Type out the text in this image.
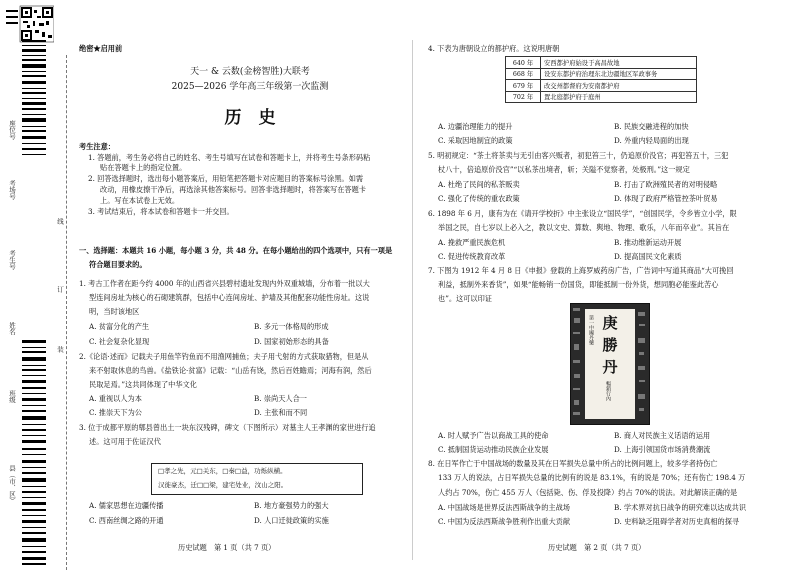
座位号
考场号
考生号
姓名
班级
县（市、区）
线
订
装
绝密★启用前
天一 & 云数(金榜智胜)大联考
2025—2026 学年高三年级第一次监测
历　史
考生注意：
1. 答题前，考生务必将自己的姓名、考生号填写在试卷和答题卡上，并将考生号条形码粘
贴在答题卡上的指定位置。
2. 回答选择题时，选出每小题答案后，用铅笔把答题卡对应题目的答案标号涂黑。如需
改动，用橡皮擦干净后，再选涂其他答案标号。回答非选择题时，将答案写在答题卡
上。写在本试卷上无效。
3. 考试结束后，将本试卷和答题卡一并交回。
一、选择题：本题共 16 小题，每小题 3 分，共 48 分。在每小题给出的四个选项中，只有一项是
符合题目要求的。
1. 考古工作者在距今约 4000 年的山西省兴县碧村遗址发现内外双重城墙，分布着一批以大
型连间房址为核心的石砌建筑群，包括中心连间房址、护墙及其他配套功能性房址。这说
明，当时该地区
A. 贫富分化的产生	B. 多元一体格局的形成
C. 社会复杂化显现	D. 国家初始形态的具备
2.《论语·述而》记载夫子用鱼竿钓鱼而不用渔网捕鱼；夫子用弋射的方式获取猎物，但是从
来不射取休息的鸟兽。《盐铁论·贫富》记载：“山岳有饶，然后百姓瞻焉；河海有润，然后
民取足焉。”这共同体现了中华文化
A. 重视以人为本	B. 崇尚天人合一
C. 推崇天下为公	D. 主张和而不同
3. 位于成都平原的郫县曾出土一块东汉残碑，碑文（下图所示）对墓主人王孝渊的家世进行追
述。这可用于佐证汉代
□孝之先，元□关东，□秦□益，功烁纵横。
汉徙豪杰，迁□□梁，建宅处业，汶山之阳。
A. 儒家思想在边疆传播	B. 地方豪强势力的强大
C. 西南丝绸之路的开通	D. 人口迁徙政策的实施
历史试题　第 1 页（共 7 页）
4. 下表为唐朝设立的都护府。这说明唐朝
640 年	安西都护府始设于高昌故地
668 年	设安东都护府治理东北边疆地区军政事务
679 年	改交州都督府为安南都护府
702 年	置北庭都护府于庭州
A. 边疆治理能力的提升	B. 民族交融进程的加快
C. 采取因地制宜的政策	D. 外重内轻局面的出现
5. 明初规定：“茶土将茶卖与无引由客兴贩者，初犯笞三十，仍追原价没官；再犯笞五十，三犯
杖八十，倍追原价没官”“以私茶出境者，斩；关隘不觉察者，处极刑。”这一规定
A. 杜绝了民间的私茶贩卖	B. 打击了欧洲殖民者的对明侵略
C. 强化了传统的重农政策	D. 体现了政府严格管控茶叶贸易
6. 1898 年 6 月，康有为在《请开学校折》中主张设立“国民学”，“创国民学，令乡皆立小学，限
举国之民，自七岁以上必入之，教以文史、算数、舆地、物理、歌乐，八年而卒业”。其旨在
A. 挽救严重民族危机	B. 推动维新运动开展
C. 促进传统教育改革	D. 提高国民文化素质
7. 下图为 1912 年 4 月 8 日《申报》登载的上海罗威药房广告，广告词中写道其商品“大可挽回
利益，抵制外来香货”，如果“能畅销一份国货，即能抵制一份外货，想同胞必能鉴此苦心
也”。这可以印证
庚
勝
丹
第一中國丹藥
暢銷行內
A. 时人赋予广告以商战工具的使命	B. 商人对民族主义话语的运用
C. 抵制国货运动推动民族企业发展	D. 上海引领国货市场消费潮流
8. 在日军作亡于中国战场的数量及其在日军损失总量中所占的比例问题上，较多学者持伤亡
133 万人的说法，占日军损失总量的比例有的说是 83.1%，有的说是 70%；还有伤亡 198.4 万
人约占 70%，伤亡 455 万人（包括毙、伤、俘及投降）约占 70%的说法。对此解读正确的是
A. 中国战场是世界反法西斯战争的主战场	B. 学术界对抗日战争的研究难以达成共识
C. 中国为反法西斯战争胜利作出重大贡献	D. 史料缺乏阻碍学者对历史真相的探寻
历史试题　第 2 页（共 7 页）
